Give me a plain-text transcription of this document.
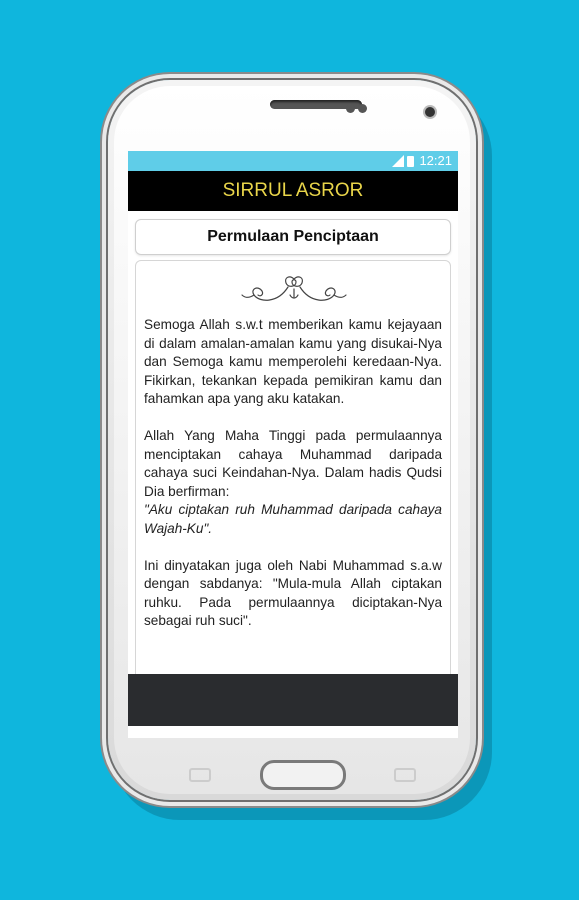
12:21
SIRRUL ASROR
Permulaan Penciptaan

Semoga Allah s.w.t memberikan kamu kejayaan di dalam amalan-amalan kamu yang disukai-Nya dan Semoga kamu memperolehi keredaan-Nya. Fikirkan, tekankan kepada pemikiran kamu dan fahamkan apa yang aku katakan.

Allah Yang Maha Tinggi pada permulaannya menciptakan cahaya Muhammad daripada cahaya suci Keindahan-Nya. Dalam hadis Qudsi Dia berfirman:
"Aku ciptakan ruh Muhammad daripada cahaya Wajah-Ku".

Ini dinyatakan juga oleh Nabi Muhammad s.a.w dengan sabdanya: "Mula-mula Allah ciptakan ruhku. Pada permulaannya diciptakan-Nya sebagai ruh suci".
